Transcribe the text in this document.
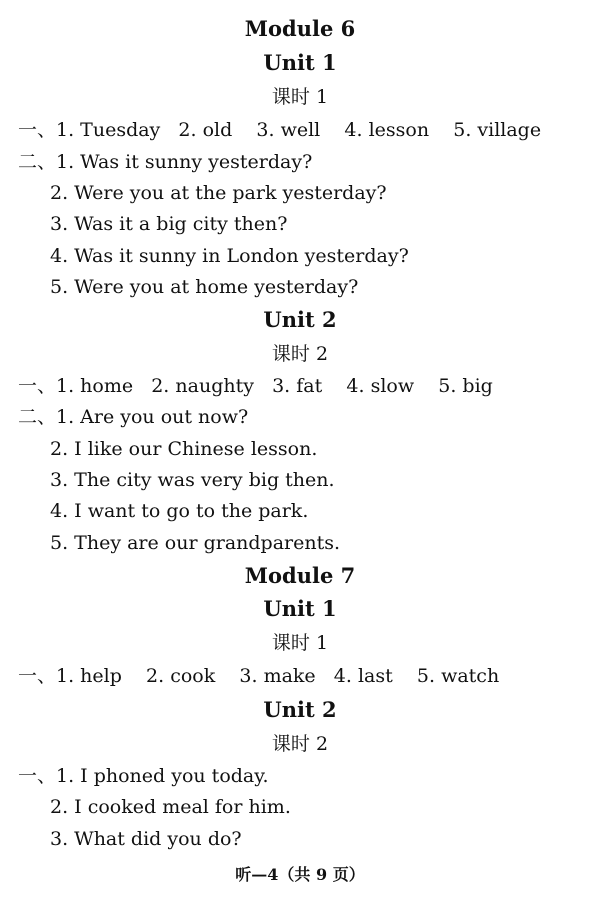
Module 6
Unit 1
课时 1
一、1. Tuesday   2. old    3. well    4. lesson    5. village
二、1. Was it sunny yesterday?
2. Were you at the park yesterday?
3. Was it a big city then?
4. Was it sunny in London yesterday?
5. Were you at home yesterday?
Unit 2
课时 2
一、1. home   2. naughty   3. fat    4. slow    5. big
二、1. Are you out now?
2. I like our Chinese lesson.
3. The city was very big then.
4. I want to go to the park.
5. They are our grandparents.
Module 7
Unit 1
课时 1
一、1. help    2. cook    3. make   4. last    5. watch
Unit 2
课时 2
一、1. I phoned you today.
2. I cooked meal for him.
3. What did you do?
听—4（共 9 页）
